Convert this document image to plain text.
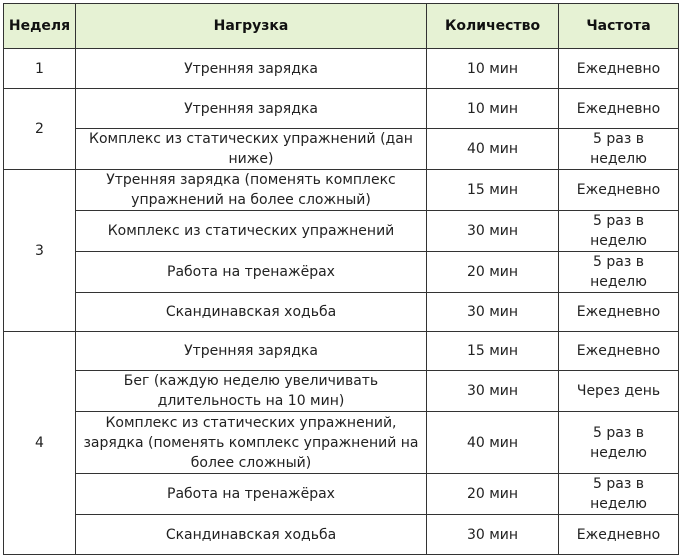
Неделя	Нагрузка	Количество	Частота
1	Утренняя зарядка	10 мин	Ежедневно
2	Утренняя зарядка	10 мин	Ежедневно
	Комплекс из статических упражнений (дан ниже)	40 мин	5 раз в неделю
3	Утренняя зарядка (поменять комплекс упражнений на более сложный)	15 мин	Ежедневно
	Комплекс из статических упражнений	30 мин	5 раз в неделю
	Работа на тренажёрах	20 мин	5 раз в неделю
	Скандинавская ходьба	30 мин	Ежедневно
4	Утренняя зарядка	15 мин	Ежедневно
	Бег (каждую неделю увеличивать длительность на 10 мин)	30 мин	Через день
	Комплекс из статических упражнений, зарядка (поменять комплекс упражнений на более сложный)	40 мин	5 раз в неделю
	Работа на тренажёрах	20 мин	5 раз в неделю
	Скандинавская ходьба	30 мин	Ежедневно
